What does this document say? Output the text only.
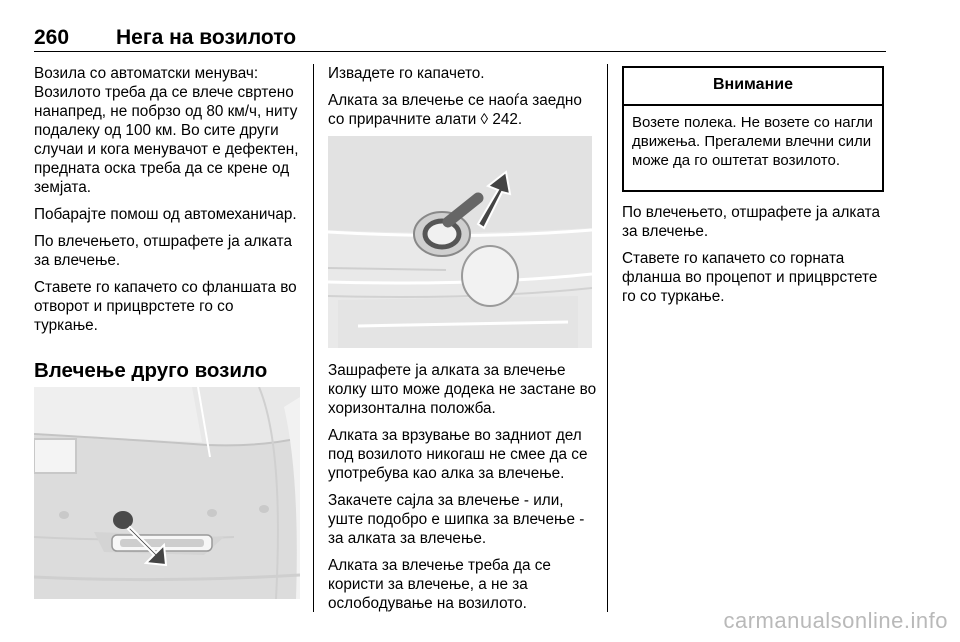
260 Нега на возилото

Возила со автоматски менувач: Возилото треба да се влече свртено нанапред, не побрзо од 80 км/ч, ниту подалеку од 100 км. Во сите други случаи и кога менувачот е дефектен, предната оска треба да се крене од земјата.

Побарајте помош од автомеханичар.

По влечењето, отшрафете ја алката за влечење.

Ставете го капачето со фланшата во отворот и прицврстете го со туркање.

Влечење друго возило

Извадете го капачето.

Алката за влечење се наоѓа заедно со прирачните алати ◊ 242.

Зашрафете ја алката за влечење колку што може додека не застане во хоризонтална положба.

Алката за врзување во задниот дел под возилото никогаш не смее да се употребува као алка за влечење.

Закачете сајла за влечење - или, уште подобро е шипка за влечење - за алката за влечење.

Алката за влечење треба да се користи за влечење, а не за ослободување на возилото.

Внимание
Возете полека. Не возете со нагли движења. Прегалеми влечни сили може да го оштетат возилото.

По влечењето, отшрафете ја алката за влечење.

Ставете го капачето со горната фланша во процепот и прицврстете го со туркање.

carmanualsonline.info
